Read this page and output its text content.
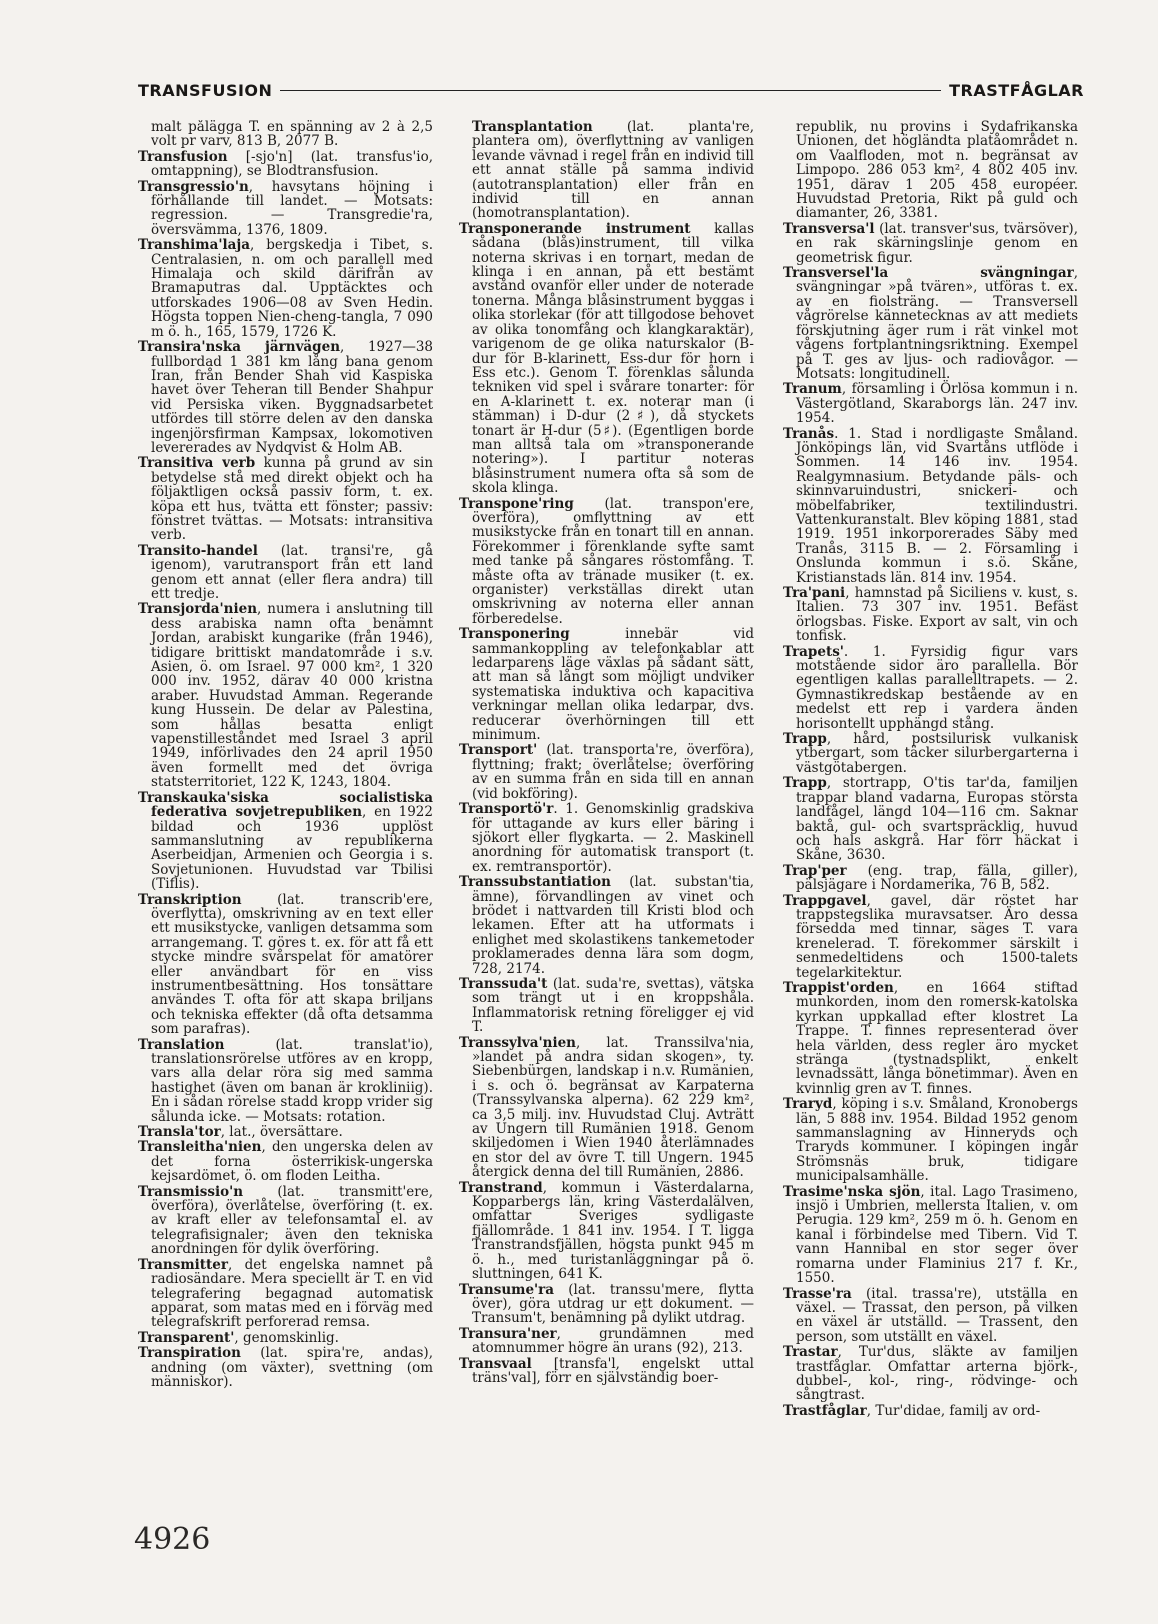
TRANSFUSION	TRASTFÅGLAR

malt pålägga T. en spänning av 2 à 2,5 volt pr varv, 813 B, 2077 B.

Transfusion [-sjo'n] (lat. transfus'io, omtappning), se Blodtransfusion.

Transgressio'n, havsytans höjning i förhållande till landet. — Motsats: regression. — Transgredie'ra, översvämma, 1376, 1809.

Transhima'laja, bergskedja i Tibet, s. Centralasien, n. om och parallell med Himalaja och skild därifrån av Bramaputras dal. Upptäcktes och utforskades 1906—08 av Sven Hedin. Högsta toppen Nien-cheng-tangla, 7 090 m ö. h., 165, 1579, 1726 K.

Transira'nska järnvägen, 1927—38 fullbordad 1 381 km lång bana genom Iran, från Bender Shah vid Kaspiska havet över Teheran till Bender Shahpur vid Persiska viken. Byggnadsarbetet utfördes till större delen av den danska ingenjörsfirman Kampsax, lokomotiven levererades av Nydqvist & Holm AB.

Transitiva verb kunna på grund av sin betydelse stå med direkt objekt och ha följaktligen också passiv form, t. ex. köpa ett hus, tvätta ett fönster; passiv: fönstret tvättas. — Motsats: intransitiva verb.

Transito-handel (lat. transi're, gå igenom), varutransport från ett land genom ett annat (eller flera andra) till ett tredje.

Transjorda'nien, numera i anslutning till dess arabiska namn ofta benämnt Jordan, arabiskt kungarike (från 1946), tidigare brittiskt mandatområde i s.v. Asien, ö. om Israel. 97 000 km², 1 320 000 inv. 1952, därav 40 000 kristna araber. Huvudstad Amman. Regerande kung Hussein. De delar av Palestina, som hållas besatta enligt vapenstilleståndet med Israel 3 april 1949, införlivades den 24 april 1950 även formellt med det övriga statsterritoriet, 122 K, 1243, 1804.

Transkauka'siska socialistiska federativa sovjetrepubliken, en 1922 bildad och 1936 upplöst sammanslutning av republikerna Aserbeidjan, Armenien och Georgia i s. Sovjetunionen. Huvudstad var Tbilisi (Tiflis).

Transkription (lat. transcrib'ere, överflytta), omskrivning av en text eller ett musikstycke, vanligen detsamma som arrangemang. T. göres t. ex. för att få ett stycke mindre svårspelat för amatörer eller användbart för en viss instrumentbesättning. Hos tonsättare användes T. ofta för att skapa briljans och tekniska effekter (då ofta detsamma som parafras).

Translation (lat. translat'io), translationsrörelse utföres av en kropp, vars alla delar röra sig med samma hastighet (även om banan är krokliniig). En i sådan rörelse stadd kropp vrider sig sålunda icke. — Motsats: rotation.

Transla'tor, lat., översättare.

Transleitha'nien, den ungerska delen av det forna österrikisk-ungerska kejsardömet, ö. om floden Leitha.

Transmissio'n (lat. transmitt'ere, överföra), överlåtelse, överföring (t. ex. av kraft eller av telefonsamtal el. av telegrafisignaler; även den tekniska anordningen för dylik överföring.

Transmitter, det engelska namnet på radiosändare. Mera speciellt är T. en vid telegrafering begagnad automatisk apparat, som matas med en i förväg med telegrafskrift perforerad remsa.

Transparent', genomskinlig.

Transpiration (lat. spira're, andas), andning (om växter), svettning (om människor).

Transplantation (lat. planta're, plantera om), överflyttning av vanligen levande vävnad i regel från en individ till ett annat ställe på samma individ (autotransplantation) eller från en individ till en annan (homotransplantation).

Transponerande instrument kallas sådana (blås)instrument, till vilka noterna skrivas i en tornart, medan de klinga i en annan, på ett bestämt avstånd ovanför eller under de noterade tonerna. Många blåsinstrument byggas i olika storlekar (för att tillgodose behovet av olika tonomfång och klangkaraktär), varigenom de ge olika naturskalor (B-dur för B-klarinett, Ess-dur för horn i Ess etc.). Genom T. förenklas sålunda tekniken vid spel i svårare tonarter: för en A-klarinett t. ex. noterar man (i stämman) i D-dur (2♯), då styckets tonart är H-dur (5♯). (Egentligen borde man alltså tala om »transponerande notering»). I partitur noteras blåsinstrument numera ofta så som de skola klinga.

Transpone'ring (lat. transpon'ere, överföra), omflyttning av ett musikstycke från en tonart till en annan. Förekommer i förenklande syfte samt med tanke på sångares röstomfång. T. måste ofta av tränade musiker (t. ex. organister) verkställas direkt utan omskrivning av noterna eller annan förberedelse.

Transponering innebär vid sammankoppling av telefonkablar att ledarparens läge växlas på sådant sätt, att man så långt som möjligt undviker systematiska induktiva och kapacitiva verkningar mellan olika ledarpar, dvs. reducerar överhörningen till ett minimum.

Transport' (lat. transporta're, överföra), flyttning; frakt; överlåtelse; överföring av en summa från en sida till en annan (vid bokföring).

Transportö'r. 1. Genomskinlig gradskiva för uttagande av kurs eller bäring i sjökort eller flygkarta. — 2. Maskinell anordning för automatisk transport (t. ex. remtransportör).

Transsubstantiation (lat. substan'tia, ämne), förvandlingen av vinet och brödet i nattvarden till Kristi blod och lekamen. Efter att ha utformats i enlighet med skolastikens tankemetoder proklamerades denna lära som dogm, 728, 2174.

Transsuda't (lat. suda're, svettas), vätska som trängt ut i en kroppshåla. Inflammatorisk retning föreligger ej vid T.

Transsylva'nien, lat. Transsilva'nia, »landet på andra sidan skogen», ty. Siebenbürgen, landskap i n.v. Rumänien, i s. och ö. begränsat av Karpaterna (Transsylvanska alperna). 62 229 km², ca 3,5 milj. inv. Huvudstad Cluj. Avträtt av Ungern till Rumänien 1918. Genom skiljedomen i Wien 1940 återlämnades en stor del av övre T. till Ungern. 1945 återgick denna del till Rumänien, 2886.

Transtrand, kommun i Västerdalarna, Kopparbergs län, kring Västerdalälven, omfattar Sveriges sydligaste fjällområde. 1 841 inv. 1954. I T. ligga Transtrandsfjällen, högsta punkt 945 m ö. h., med turistanläggningar på ö. sluttningen, 641 K.

Transume'ra (lat. transsu'mere, flytta över), göra utdrag ur ett dokument. — Transum't, benämning på dylikt utdrag.

Transura'ner, grundämnen med atomnummer högre än urans (92), 213.

Transvaal [transfa'l, engelskt uttal träns'val], förr en självständig boer-

republik, nu provins i Sydafrikanska Unionen, det högländta platåområdet n. om Vaalfloden, mot n. begränsat av Limpopo. 286 053 km², 4 802 405 inv. 1951, därav 1 205 458 européer. Huvudstad Pretoria, Rikt på guld och diamanter, 26, 3381.

Transversa'l (lat. transver'sus, tvärsöver), en rak skärningslinje genom en geometrisk figur.

Transversel'la svängningar, svängningar »på tvären», utföras t. ex. av en fiolsträng. — Transversell vågrörelse kännetecknas av att mediets förskjutning äger rum i rät vinkel mot vågens fortplantningsriktning. Exempel på T. ges av ljus- och radiovågor. — Motsats: longitudinell.

Tranum, församling i Örlösa kommun i n. Västergötland, Skaraborgs län. 247 inv. 1954.

Tranås. 1. Stad i nordligaste Småland. Jönköpings län, vid Svartåns utflöde i Sommen. 14 146 inv. 1954. Realgymnasium. Betydande päls- och skinnvaruindustri, snickeri- och möbelfabriker, textilindustri. Vattenkuranstalt. Blev köping 1881, stad 1919. 1951 inkorporerades Säby med Tranås, 3115 B. — 2. Församling i Onslunda kommun i s.ö. Skåne, Kristianstads län. 814 inv. 1954.

Tra'pani, hamnstad på Siciliens v. kust, s. Italien. 73 307 inv. 1951. Befäst örlogsbas. Fiske. Export av salt, vin och tonfisk.

Trapets'. 1. Fyrsidig figur vars motstående sidor äro parallella. Bör egentligen kallas parallelltrapets. — 2. Gymnastikredskap bestående av en medelst ett rep i vardera änden horisontellt upphängd stång.

Trapp, hård, postsilurisk vulkanisk ytbergart, som täcker silurbergarterna i västgötabergen.

Trapp, stortrapp, O'tis tar'da, familjen trappar bland vadarna, Europas största landfågel, längd 104—116 cm. Saknar baktå, gul- och svartspräcklig, huvud och hals askgrå. Har förr häckat i Skåne, 3630.

Trap'per (eng. trap, fälla, giller), pälsjägare i Nordamerika, 76 B, 582.

Trappgavel, gavel, där röstet har trappstegslika muravsatser. Äro dessa försedda med tinnar, säges T. vara krenelerad. T. förekommer särskilt i senmedeltidens och 1500-talets tegelarkitektur.

Trappist'orden, en 1664 stiftad munkorden, inom den romersk-katolska kyrkan uppkallad efter klostret La Trappe. T. finnes representerad över hela världen, dess regler äro mycket stränga (tystnadsplikt, enkelt levnadssätt, långa bönetimmar). Även en kvinnlig gren av T. finnes.

Traryd, köping i s.v. Småland, Kronobergs län, 5 888 inv. 1954. Bildad 1952 genom sammanslagning av Hinneryds och Traryds kommuner. I köpingen ingår Strömsnäs bruk, tidigare municipalsamhälle.

Trasime'nska sjön, ital. Lago Trasimeno, insjö i Umbrien, mellersta Italien, v. om Perugia. 129 km², 259 m ö. h. Genom en kanal i förbindelse med Tibern. Vid T. vann Hannibal en stor seger över romarna under Flaminius 217 f. Kr., 1550.

Trasse'ra (ital. trassa're), utställa en växel. — Trassat, den person, på vilken en växel är utställd. — Trassent, den person, som utställt en växel.

Trastar, Tur'dus, släkte av familjen trastfåglar. Omfattar arterna björk-, dubbel-, kol-, ring-, rödvinge- och sångtrast.

Trastfåglar, Tur'didae, familj av ord-

4926
